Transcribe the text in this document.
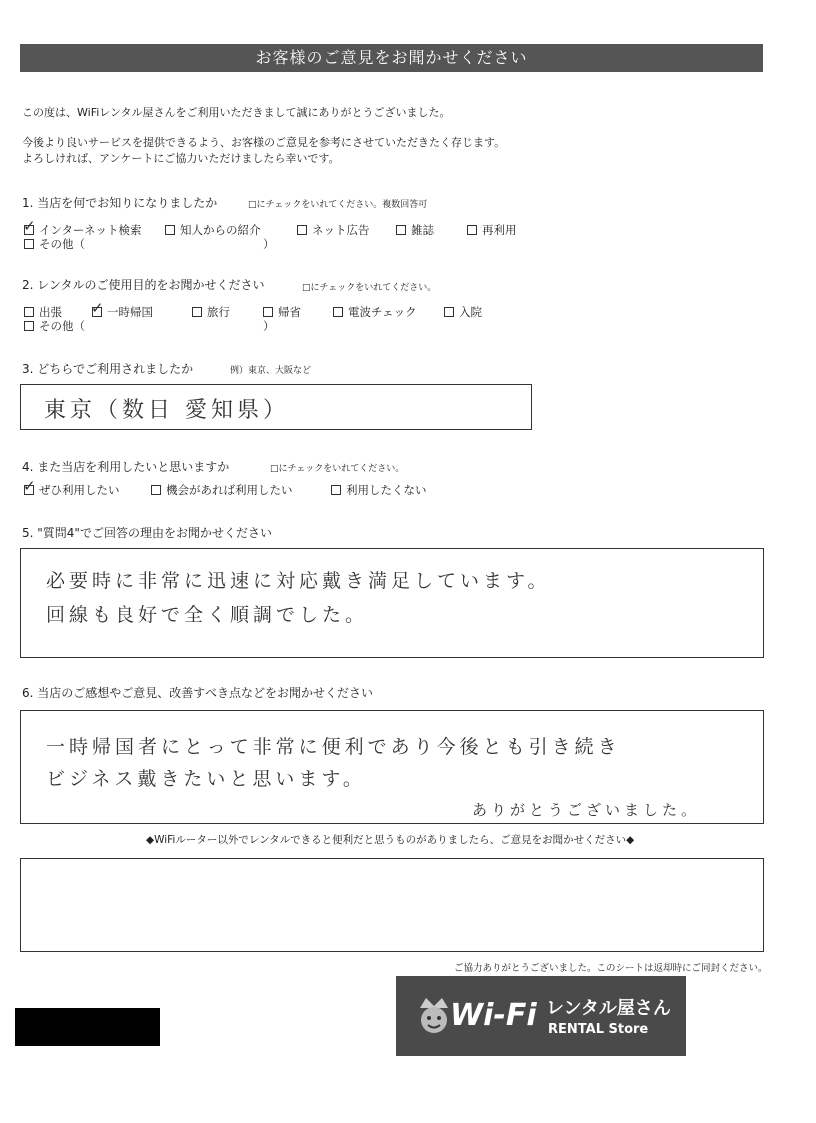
お客様のご意見をお聞かせください
この度は、WiFiレンタル屋さんをご利用いただきまして誠にありがとうございました。
今後より良いサービスを提供できるよう、お客様のご意見を参考にさせていただきたく存じます。
よろしければ、アンケートにご協力いただけましたら幸いです。
1. 当店を何でお知りになりましたか	□にチェックをいれてください。複数回答可
✓インターネット検索	知人からの紹介	ネット広告	雑誌	再利用
その他（	）
2. レンタルのご使用目的をお聞かせください	□にチェックをいれてください。
出張
✓	一時帰国	旅行	帰省	電波チェック	入院
その他（	）
3. どちらでご利用されましたか	例）東京、大阪など
東京（数日 愛知県）
4. また当店を利用したいと思いますか	□にチェックをいれてください。
✓ぜひ利用したい	機会があれば利用したい	利用したくない
5. "質問4"でご回答の理由をお聞かせください
必要時に非常に迅速に対応戴き満足しています。
回線も良好で全く順調でした。
6. 当店のご感想やご意見、改善すべき点などをお聞かせください
一時帰国者にとって非常に便利であり今後とも引き続き
ビジネス戴きたいと思います。
ありがとうございました。
◆WiFiルーター以外でレンタルできると便利だと思うものがありましたら、ご意見をお聞かせください◆
ご協力ありがとうございました。このシートは返却時にご同封ください。
Wi-Fi レンタル屋さん
RENTAL Store
